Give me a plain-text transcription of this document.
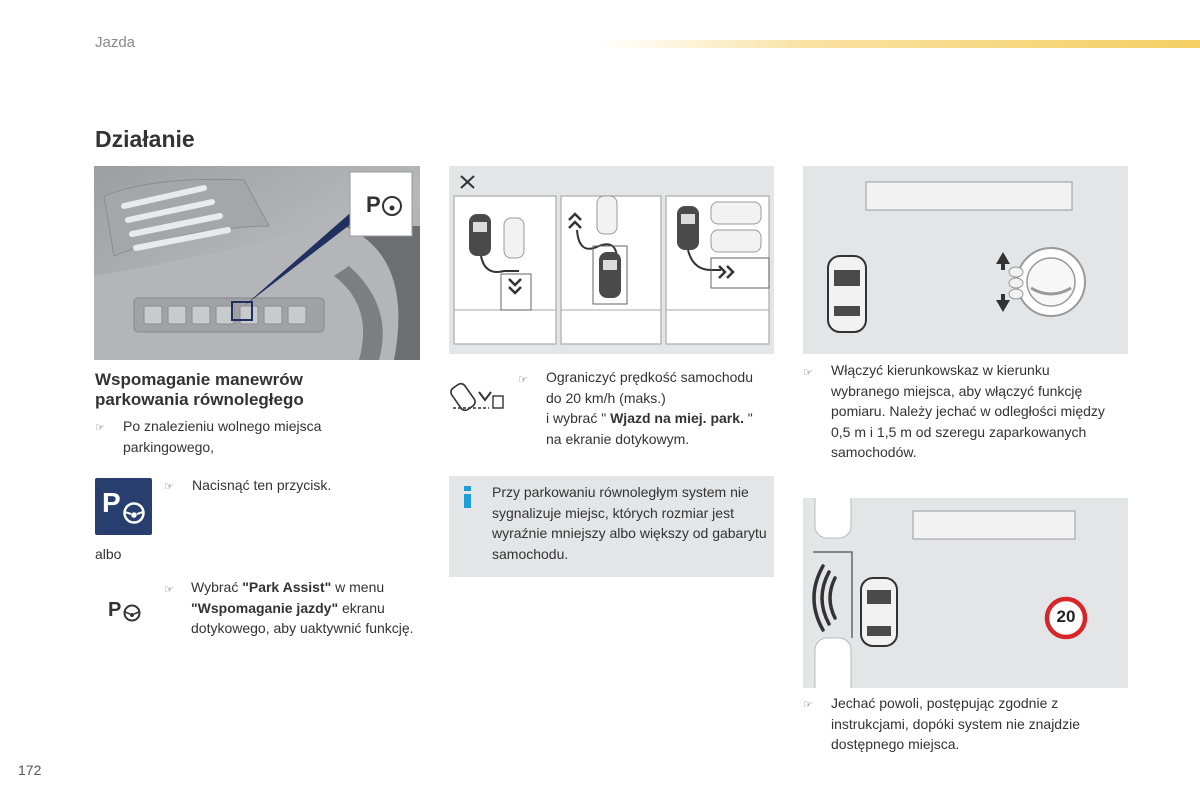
Jazda
Działanie
P
20
Wspomaganie manewrów parkowania równoległego
☞ Po znalezieniu wolnego miejsca parkingowego,
P	☞ Nacisnąć ten przycisk.
albo
P
☞ Wybrać "Park Assist" w menu "Wspomaganie jazdy" ekranu dotykowego, aby uaktywnić funkcję.
☞ Ograniczyć prędkość samochodu
do 20 km/h (maks.)
i wybrać " Wjazd na miej. park. "
na ekranie dotykowym.
Przy parkowaniu równoległym system nie sygnalizuje miejsc, których rozmiar jest wyraźnie mniejszy albo większy od gabarytu samochodu.
☞ Włączyć kierunkowskaz w kierunku wybranego miejsca, aby włączyć funkcję pomiaru. Należy jechać w odległości między 0,5 m i 1,5 m od szeregu zaparkowanych samochodów.
☞ Jechać powoli, postępując zgodnie z instrukcjami, dopóki system nie znajdzie dostępnego miejsca.
172
